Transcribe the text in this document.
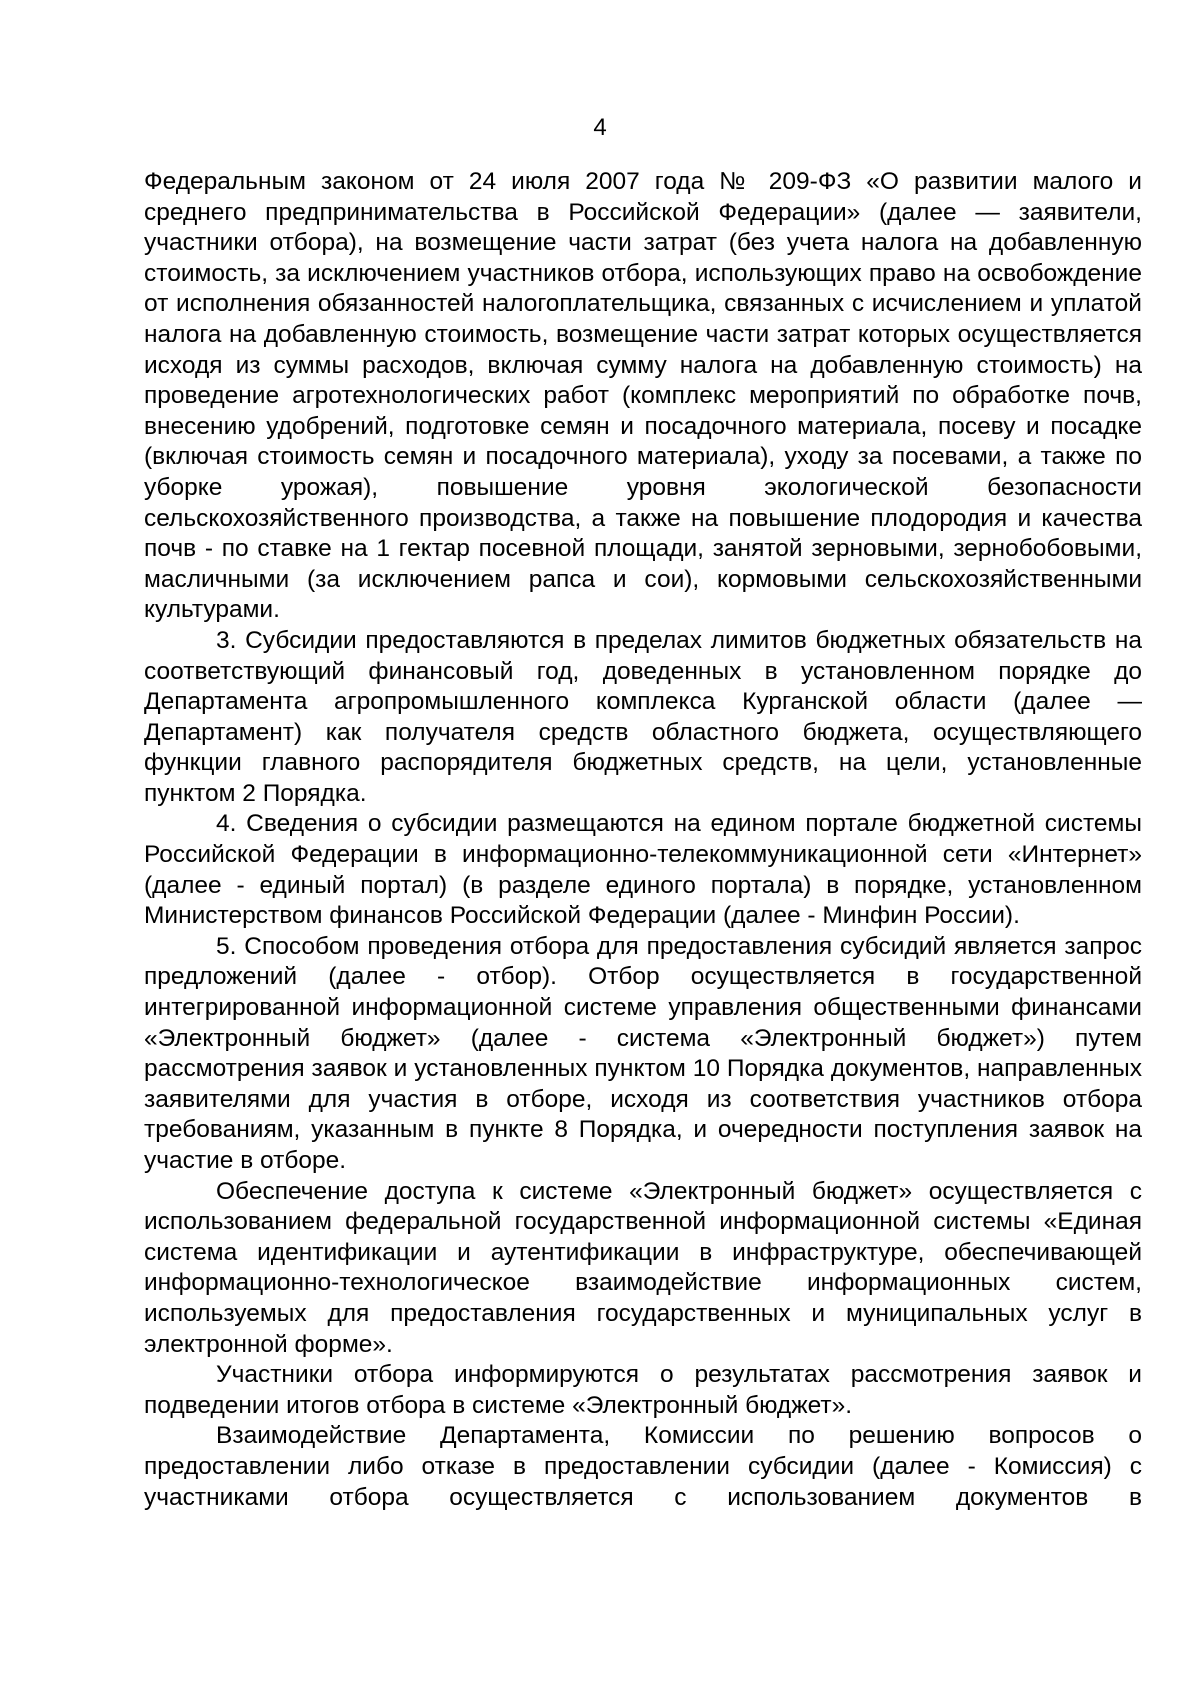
4

Федеральным законом от 24 июля 2007 года № 209-ФЗ «О развитии малого и среднего предпринимательства в Российской Федерации» (далее — заявители, участники отбора), на возмещение части затрат (без учета налога на добавленную стоимость, за исключением участников отбора, использующих право на освобождение от исполнения обязанностей налогоплательщика, связанных с исчислением и уплатой налога на добавленную стоимость, возмещение части затрат которых осуществляется исходя из суммы расходов, включая сумму налога на добавленную стоимость) на проведение агротехнологических работ (комплекс мероприятий по обработке почв, внесению удобрений, подготовке семян и посадочного материала, посеву и посадке (включая стоимость семян и посадочного материала), уходу за посевами, а также по уборке урожая), повышение уровня экологической безопасности сельскохозяйственного производства, а также на повышение плодородия и качества почв - по ставке на 1 гектар посевной площади, занятой зерновыми, зернобобовыми, масличными (за исключением рапса и сои), кормовыми сельскохозяйственными культурами.

3. Субсидии предоставляются в пределах лимитов бюджетных обязательств на соответствующий финансовый год, доведенных в установленном порядке до Департамента агропромышленного комплекса Курганской области (далее — Департамент) как получателя средств областного бюджета, осуществляющего функции главного распорядителя бюджетных средств, на цели, установленные пунктом 2 Порядка.

4. Сведения о субсидии размещаются на едином портале бюджетной системы Российской Федерации в информационно-телекоммуникационной сети «Интернет» (далее - единый портал) (в разделе единого портала) в порядке, установленном Министерством финансов Российской Федерации (далее - Минфин России).

5. Способом проведения отбора для предоставления субсидий является запрос предложений (далее - отбор). Отбор осуществляется в государственной интегрированной информационной системе управления общественными финансами «Электронный бюджет» (далее - система «Электронный бюджет») путем рассмотрения заявок и установленных пунктом 10 Порядка документов, направленных заявителями для участия в отборе, исходя из соответствия участников отбора требованиям, указанным в пункте 8 Порядка, и очередности поступления заявок на участие в отборе.

Обеспечение доступа к системе «Электронный бюджет» осуществляется с использованием федеральной государственной информационной системы «Единая система идентификации и аутентификации в инфраструктуре, обеспечивающей информационно-технологическое взаимодействие информационных систем, используемых для предоставления государственных и муниципальных услуг в электронной форме».

Участники отбора информируются о результатах рассмотрения заявок и подведении итогов отбора в системе «Электронный бюджет».

Взаимодействие Департамента, Комиссии по решению вопросов о предоставлении либо отказе в предоставлении субсидии (далее - Комиссия) с участниками отбора осуществляется с использованием документов в
